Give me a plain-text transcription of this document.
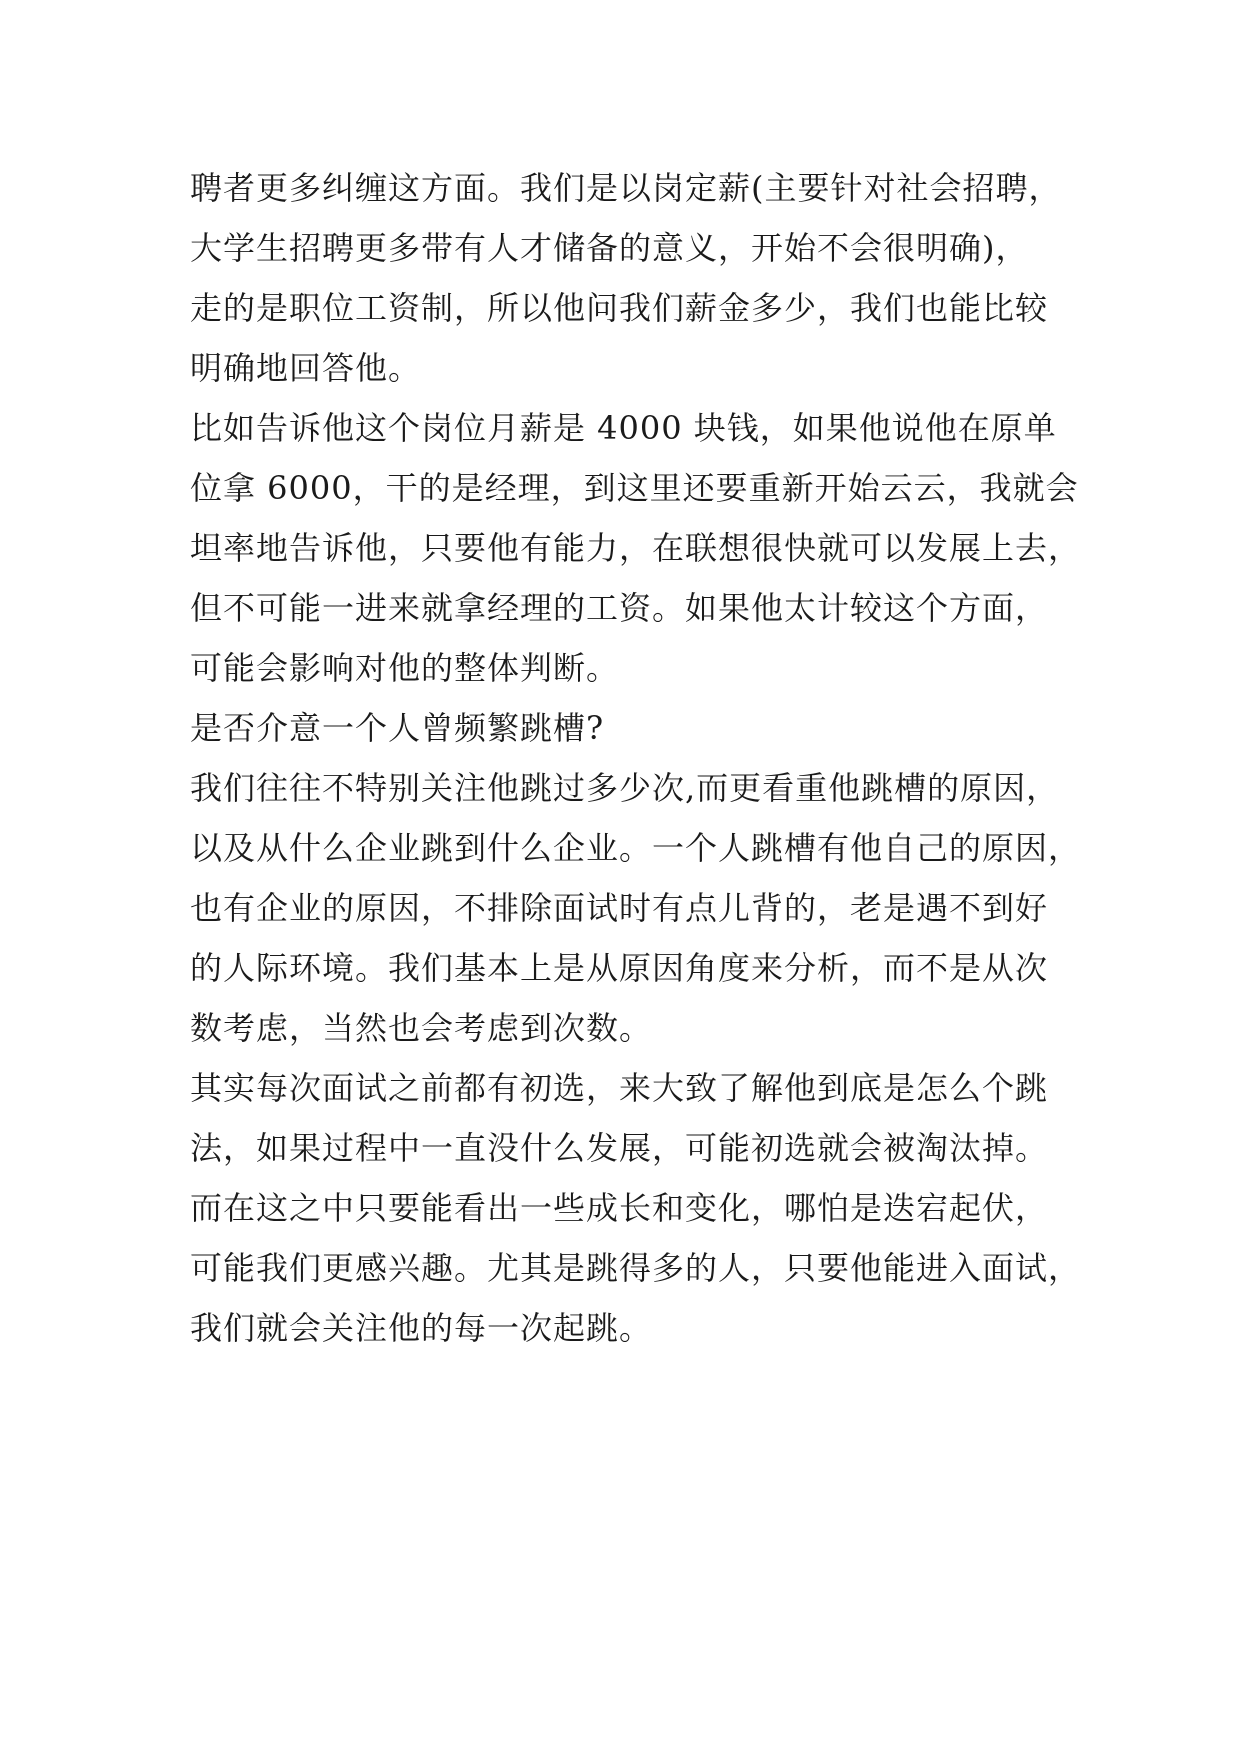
聘者更多纠缠这方面。我们是以岗定薪(主要针对社会招聘，
大学生招聘更多带有人才储备的意义，开始不会很明确)，
走的是职位工资制，所以他问我们薪金多少，我们也能比较
明确地回答他。
比如告诉他这个岗位月薪是 4000 块钱，如果他说他在原单
位拿 6000，干的是经理，到这里还要重新开始云云，我就会
坦率地告诉他，只要他有能力，在联想很快就可以发展上去，
但不可能一进来就拿经理的工资。如果他太计较这个方面，
可能会影响对他的整体判断。
是否介意一个人曾频繁跳槽?
我们往往不特别关注他跳过多少次,而更看重他跳槽的原因，
以及从什么企业跳到什么企业。一个人跳槽有他自己的原因，
也有企业的原因，不排除面试时有点儿背的，老是遇不到好
的人际环境。我们基本上是从原因角度来分析，而不是从次
数考虑，当然也会考虑到次数。
其实每次面试之前都有初选，来大致了解他到底是怎么个跳
法，如果过程中一直没什么发展，可能初选就会被淘汰掉。
而在这之中只要能看出一些成长和变化，哪怕是迭宕起伏，
可能我们更感兴趣。尤其是跳得多的人，只要他能进入面试，
我们就会关注他的每一次起跳。
